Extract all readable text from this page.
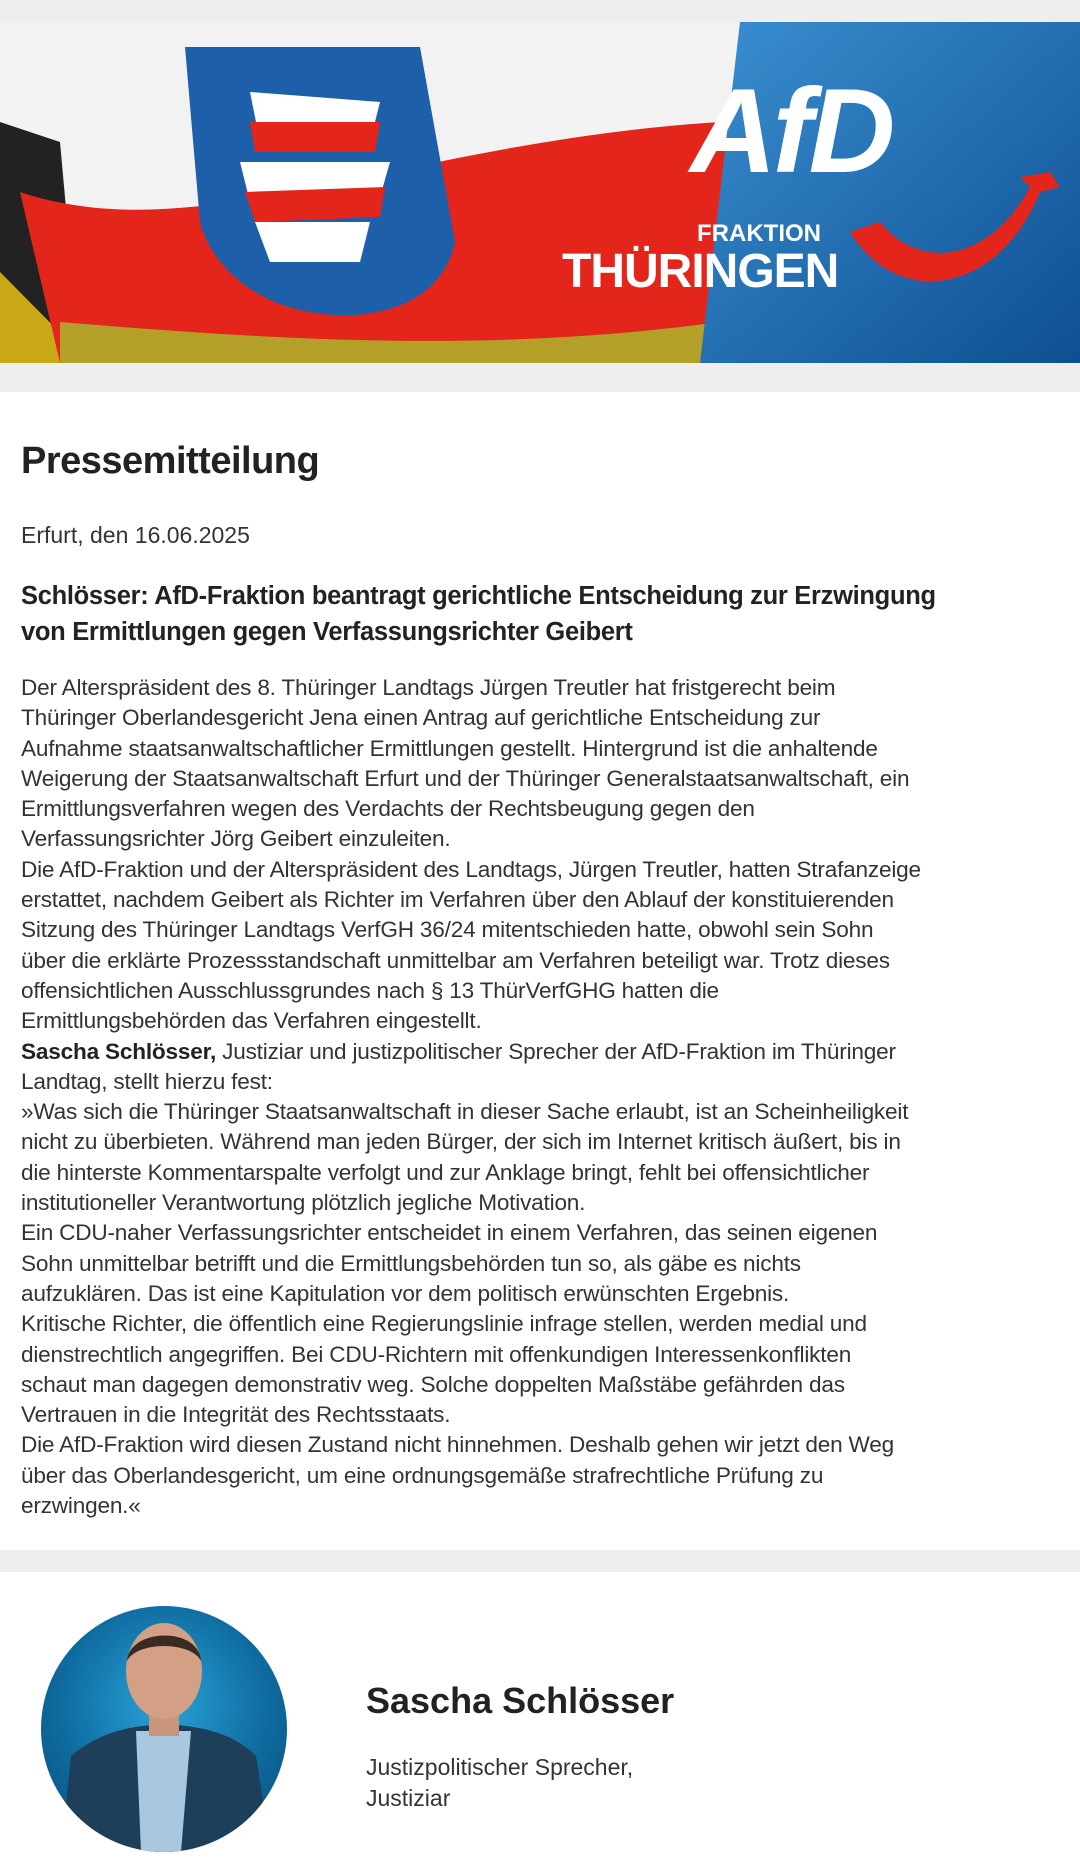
AfD
FRAKTION
THÜRINGEN
Pressemitteilung
Erfurt, den 16.06.2025
Schlösser: AfD-Fraktion beantragt gerichtliche Entscheidung zur Erzwingung
von Ermittlungen gegen Verfassungsrichter Geibert
Der Alterspräsident des 8. Thüringer Landtags Jürgen Treutler hat fristgerecht beim
Thüringer Oberlandesgericht Jena einen Antrag auf gerichtliche Entscheidung zur
Aufnahme staatsanwaltschaftlicher Ermittlungen gestellt. Hintergrund ist die anhaltende
Weigerung der Staatsanwaltschaft Erfurt und der Thüringer Generalstaatsanwaltschaft, ein
Ermittlungsverfahren wegen des Verdachts der Rechtsbeugung gegen den
Verfassungsrichter Jörg Geibert einzuleiten.
Die AfD-Fraktion und der Alterspräsident des Landtags, Jürgen Treutler, hatten Strafanzeige
erstattet, nachdem Geibert als Richter im Verfahren über den Ablauf der konstituierenden
Sitzung des Thüringer Landtags VerfGH 36/24 mitentschieden hatte, obwohl sein Sohn
über die erklärte Prozessstandschaft unmittelbar am Verfahren beteiligt war. Trotz dieses
offensichtlichen Ausschlussgrundes nach § 13 ThürVerfGHG hatten die
Ermittlungsbehörden das Verfahren eingestellt.
Sascha Schlösser, Justiziar und justizpolitischer Sprecher der AfD-Fraktion im Thüringer
Landtag, stellt hierzu fest:
»Was sich die Thüringer Staatsanwaltschaft in dieser Sache erlaubt, ist an Scheinheiligkeit
nicht zu überbieten. Während man jeden Bürger, der sich im Internet kritisch äußert, bis in
die hinterste Kommentarspalte verfolgt und zur Anklage bringt, fehlt bei offensichtlicher
institutioneller Verantwortung plötzlich jegliche Motivation.
Ein CDU-naher Verfassungsrichter entscheidet in einem Verfahren, das seinen eigenen
Sohn unmittelbar betrifft und die Ermittlungsbehörden tun so, als gäbe es nichts
aufzuklären. Das ist eine Kapitulation vor dem politisch erwünschten Ergebnis.
Kritische Richter, die öffentlich eine Regierungslinie infrage stellen, werden medial und
dienstrechtlich angegriffen. Bei CDU-Richtern mit offenkundigen Interessenkonflikten
schaut man dagegen demonstrativ weg. Solche doppelten Maßstäbe gefährden das
Vertrauen in die Integrität des Rechtsstaats.
Die AfD-Fraktion wird diesen Zustand nicht hinnehmen. Deshalb gehen wir jetzt den Weg
über das Oberlandesgericht, um eine ordnungsgemäße strafrechtliche Prüfung zu
erzwingen.«
Sascha Schlösser
Justizpolitischer Sprecher,
Justiziar
